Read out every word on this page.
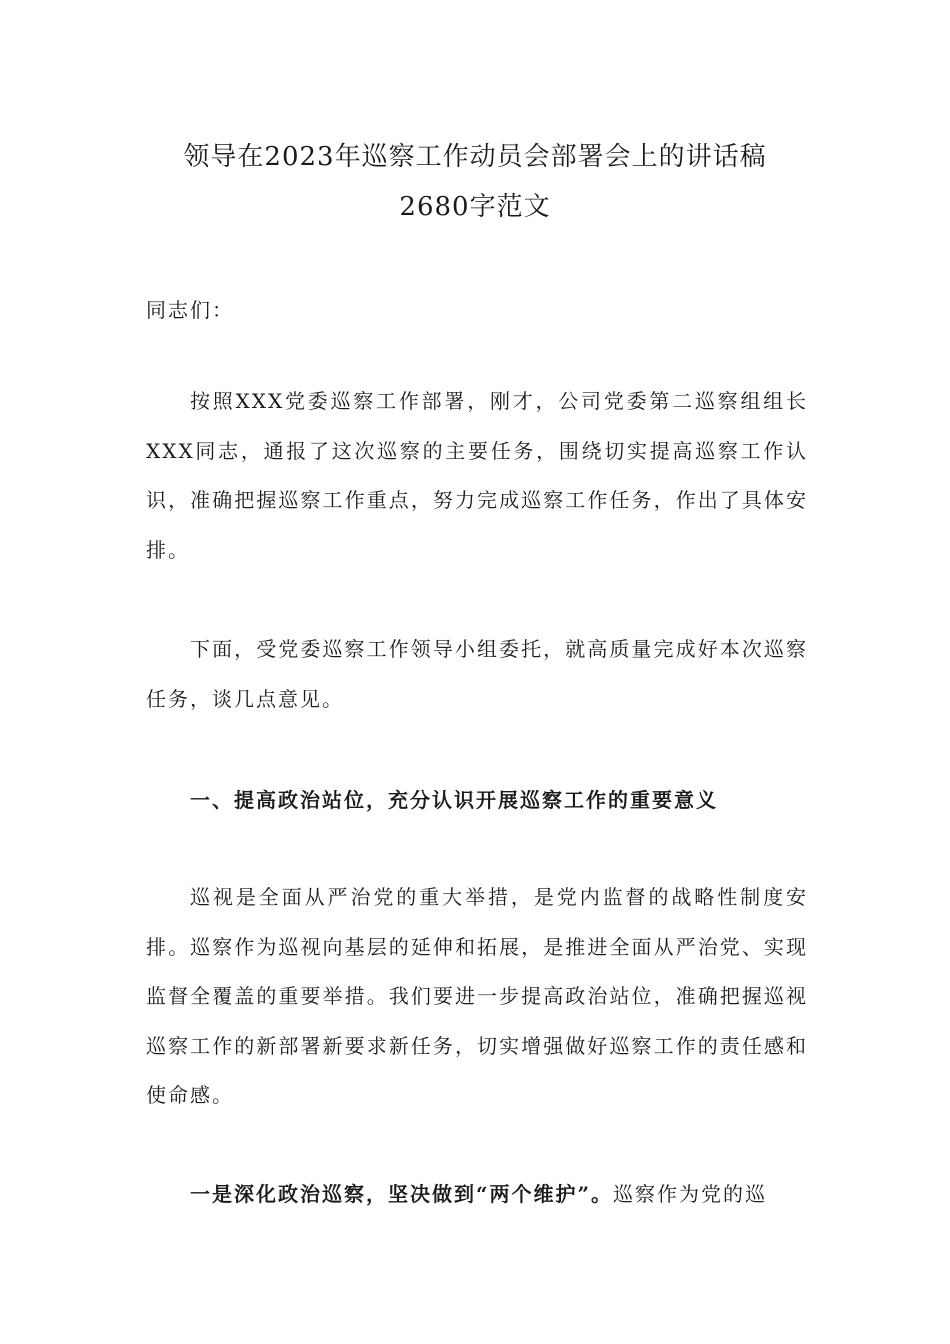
领导在2023年巡察工作动员会部署会上的讲话稿
2680字范文

同志们：

按照XXX党委巡察工作部署，刚才，公司党委第二巡察组组长XXX同志，通报了这次巡察的主要任务，围绕切实提高巡察工作认识，准确把握巡察工作重点，努力完成巡察工作任务，作出了具体安排。

下面，受党委巡察工作领导小组委托，就高质量完成好本次巡察任务，谈几点意见。

一、提高政治站位，充分认识开展巡察工作的重要意义

巡视是全面从严治党的重大举措，是党内监督的战略性制度安排。巡察作为巡视向基层的延伸和拓展，是推进全面从严治党、实现监督全覆盖的重要举措。我们要进一步提高政治站位，准确把握巡视巡察工作的新部署新要求新任务，切实增强做好巡察工作的责任感和使命感。

一是深化政治巡察，坚决做到“两个维护”。巡察作为党的巡
